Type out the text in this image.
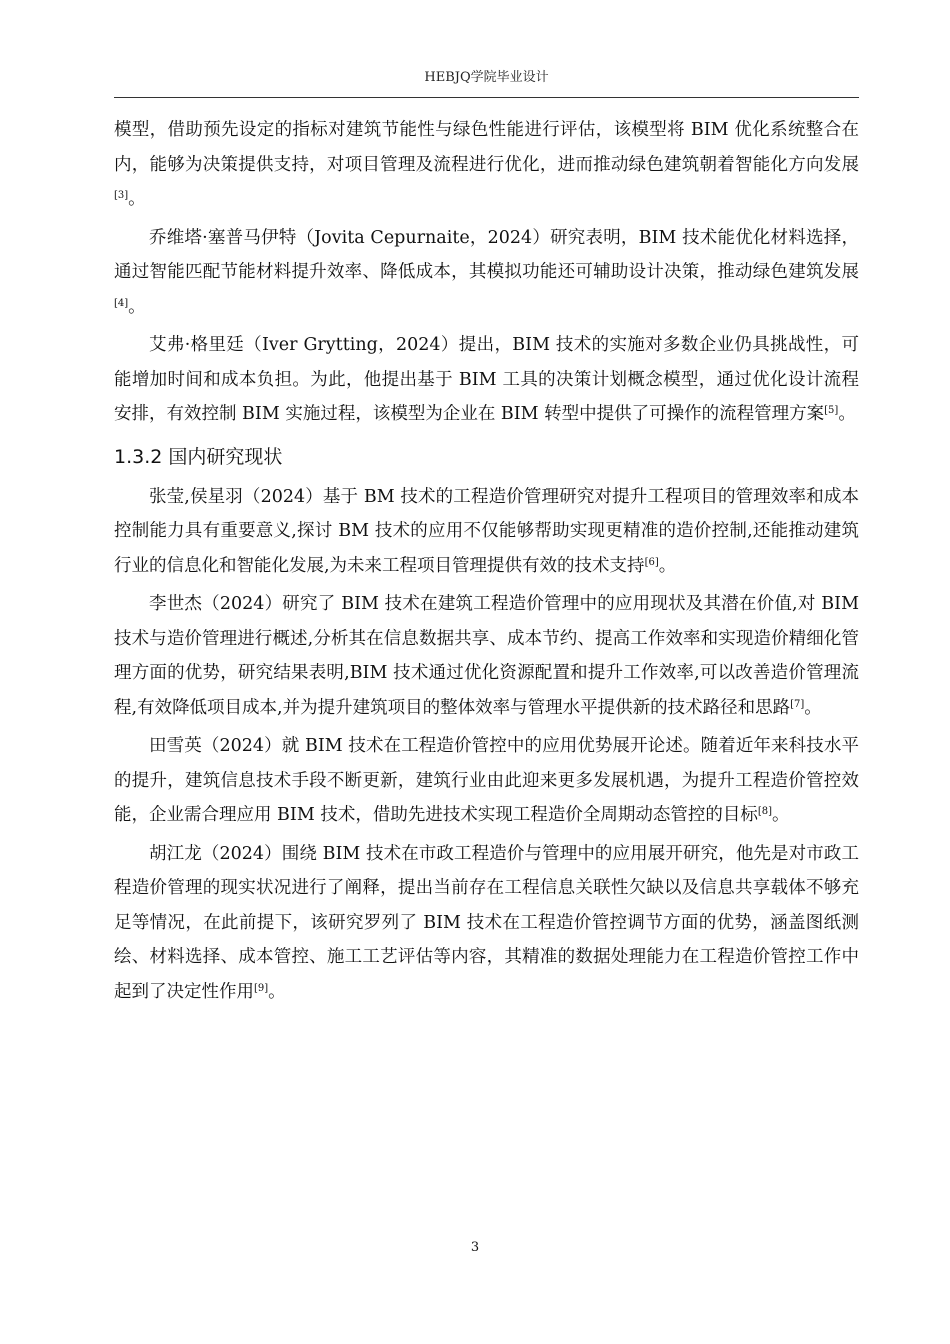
HEBJQ学院毕业设计

模型，借助预先设定的指标对建筑节能性与绿色性能进行评估，该模型将 BIM 优化系统整合在内，能够为决策提供支持，对项目管理及流程进行优化，进而推动绿色建筑朝着智能化方向发展[3]。

乔维塔·塞普马伊特（Jovita Cepurnaite，2024）研究表明，BIM 技术能优化材料选择，通过智能匹配节能材料提升效率、降低成本，其模拟功能还可辅助设计决策，推动绿色建筑发展[4]。

艾弗·格里廷（Iver Grytting，2024）提出，BIM 技术的实施对多数企业仍具挑战性，可能增加时间和成本负担。为此，他提出基于 BIM 工具的决策计划概念模型，通过优化设计流程安排，有效控制 BIM 实施过程，该模型为企业在 BIM 转型中提供了可操作的流程管理方案[5]。

1.3.2 国内研究现状

张莹,侯星羽（2024）基于 BM 技术的工程造价管理研究对提升工程项目的管理效率和成本控制能力具有重要意义,探讨 BM 技术的应用不仅能够帮助实现更精准的造价控制,还能推动建筑行业的信息化和智能化发展,为未来工程项目管理提供有效的技术支持[6]。

李世杰（2024）研究了 BIM 技术在建筑工程造价管理中的应用现状及其潜在价值,对 BIM 技术与造价管理进行概述,分析其在信息数据共享、成本节约、提高工作效率和实现造价精细化管理方面的优势，研究结果表明,BIM 技术通过优化资源配置和提升工作效率,可以改善造价管理流程,有效降低项目成本,并为提升建筑项目的整体效率与管理水平提供新的技术路径和思路[7]。

田雪英（2024）就 BIM 技术在工程造价管控中的应用优势展开论述。随着近年来科技水平的提升，建筑信息技术手段不断更新，建筑行业由此迎来更多发展机遇，为提升工程造价管控效能，企业需合理应用 BIM 技术，借助先进技术实现工程造价全周期动态管控的目标[8]。

胡江龙（2024）围绕 BIM 技术在市政工程造价与管理中的应用展开研究，他先是对市政工程造价管理的现实状况进行了阐释，提出当前存在工程信息关联性欠缺以及信息共享载体不够充足等情况，在此前提下，该研究罗列了 BIM 技术在工程造价管控调节方面的优势，涵盖图纸测绘、材料选择、成本管控、施工工艺评估等内容，其精准的数据处理能力在工程造价管控工作中起到了决定性作用[9]。

3
